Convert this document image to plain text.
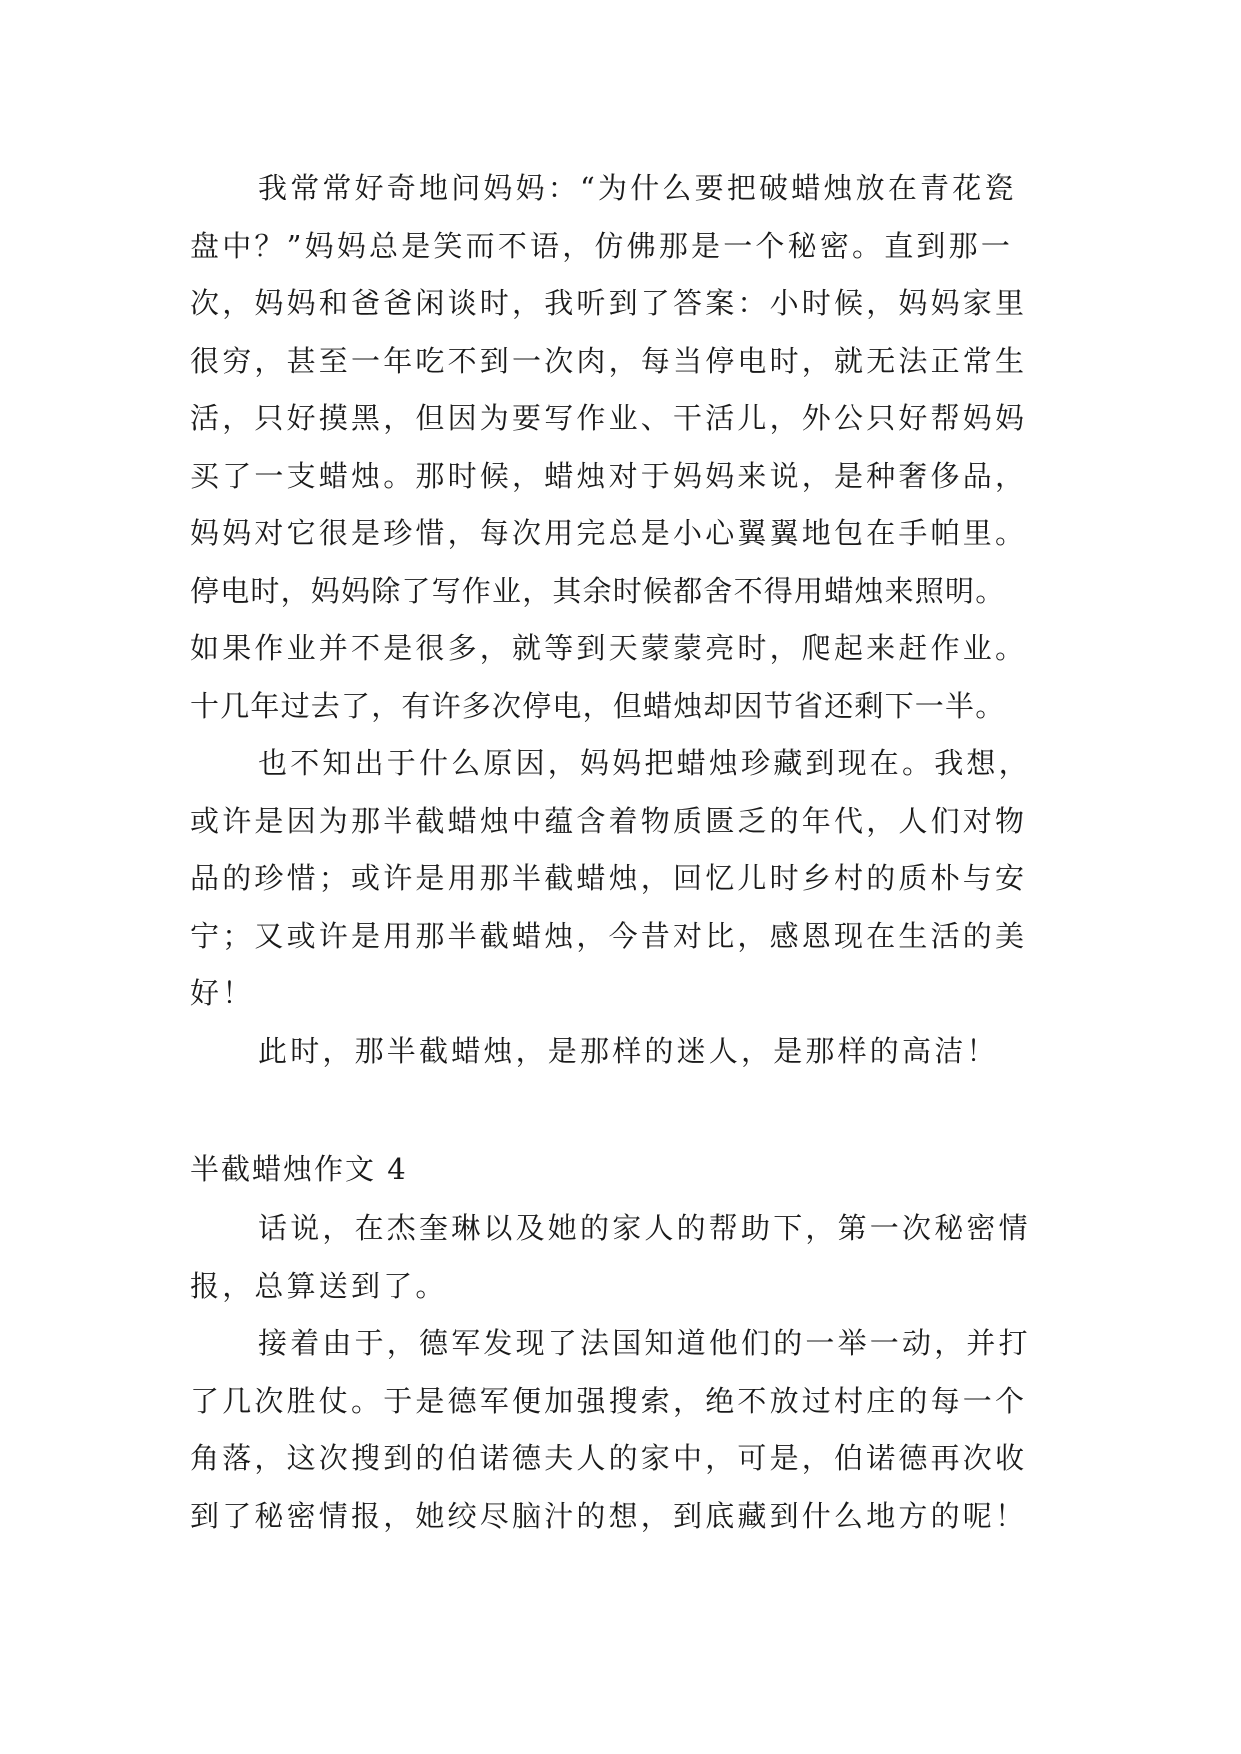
我常常好奇地问妈妈：“为什么要把破蜡烛放在青花瓷
盘中？”妈妈总是笑而不语，仿佛那是一个秘密。直到那一
次，妈妈和爸爸闲谈时，我听到了答案：小时候，妈妈家里
很穷，甚至一年吃不到一次肉，每当停电时，就无法正常生
活，只好摸黑，但因为要写作业、干活儿，外公只好帮妈妈
买了一支蜡烛。那时候，蜡烛对于妈妈来说，是种奢侈品，
妈妈对它很是珍惜，每次用完总是小心翼翼地包在手帕里。
停电时，妈妈除了写作业，其余时候都舍不得用蜡烛来照明。
如果作业并不是很多，就等到天蒙蒙亮时，爬起来赶作业。
十几年过去了，有许多次停电，但蜡烛却因节省还剩下一半。
也不知出于什么原因，妈妈把蜡烛珍藏到现在。我想，
或许是因为那半截蜡烛中蕴含着物质匮乏的年代，人们对物
品的珍惜；或许是用那半截蜡烛，回忆儿时乡村的质朴与安
宁；又或许是用那半截蜡烛，今昔对比，感恩现在生活的美
好！
此时，那半截蜡烛，是那样的迷人，是那样的高洁！
半截蜡烛作文 4
话说，在杰奎琳以及她的家人的帮助下，第一次秘密情
报，总算送到了。
接着由于，德军发现了法国知道他们的一举一动，并打
了几次胜仗。于是德军便加强搜索，绝不放过村庄的每一个
角落，这次搜到的伯诺德夫人的家中，可是，伯诺德再次收
到了秘密情报，她绞尽脑汁的想，到底藏到什么地方的呢！
